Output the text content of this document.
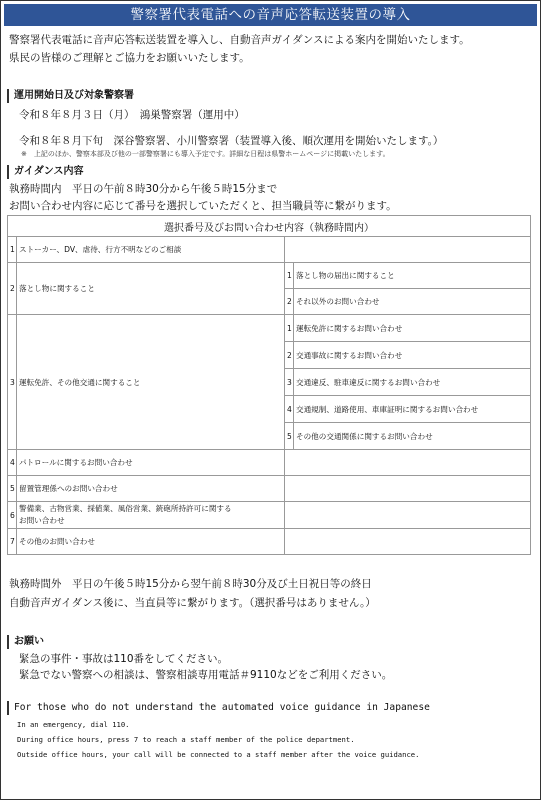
警察署代表電話への音声応答転送装置の導入
警察署代表電話に音声応答転送装置を導入し、自動音声ガイダンスによる案内を開始いたします。
県民の皆様のご理解とご協力をお願いいたします。
運用開始日及び対象警察署
令和８年８月３日（月）　鴻巣警察署（運用中）
令和８年８月下旬　深谷警察署、小川警察署（装置導入後、順次運用を開始いたします。）
※　上記のほか、警察本部及び他の一部警察署にも導入予定です。詳細な日程は県警ホームページに掲載いたします。
ガイダンス内容
執務時間内　平日の午前８時30分から午後５時15分まで
お問い合わせ内容に応じて番号を選択していただくと、担当職員等に繋がります。
選択番号及びお問い合わせ内容（執務時間内）			
1	ストーカー、DV、虐待、行方不明などのご相談		
2	落とし物に関すること	1	落とし物の届出に関すること
		2	それ以外のお問い合わせ
3	運転免許、その他交通に関すること	1	運転免許に関するお問い合わせ
		2	交通事故に関するお問い合わせ
		3	交通違反、駐車違反に関するお問い合わせ
		4	交通規制、道路使用、車庫証明に関するお問い合わせ
		5	その他の交通関係に関するお問い合わせ
4	パトロールに関するお問い合わせ		
5	留置管理係へのお問い合わせ		
6	警備業、古物営業、採値業、風俗営業、銃砲所持許可に関する
お問い合わせ		

7	その他のお問い合わせ		
執務時間外　平日の午後５時15分から翌午前８時30分及び土日祝日等の終日
自動音声ガイダンス後に、当直員等に繋がります。（選択番号はありません。）
お願い
緊急の事件・事故は110番をしてください。
緊急でない警察への相談は、警察相談専用電話＃9110などをご利用ください。
For those who do not understand the automated voice guidance in Japanese
In an emergency, dial 110.
During office hours, press 7 to reach a staff member of the police department.
Outside office hours, your call will be connected to a staff member after the voice guidance.
